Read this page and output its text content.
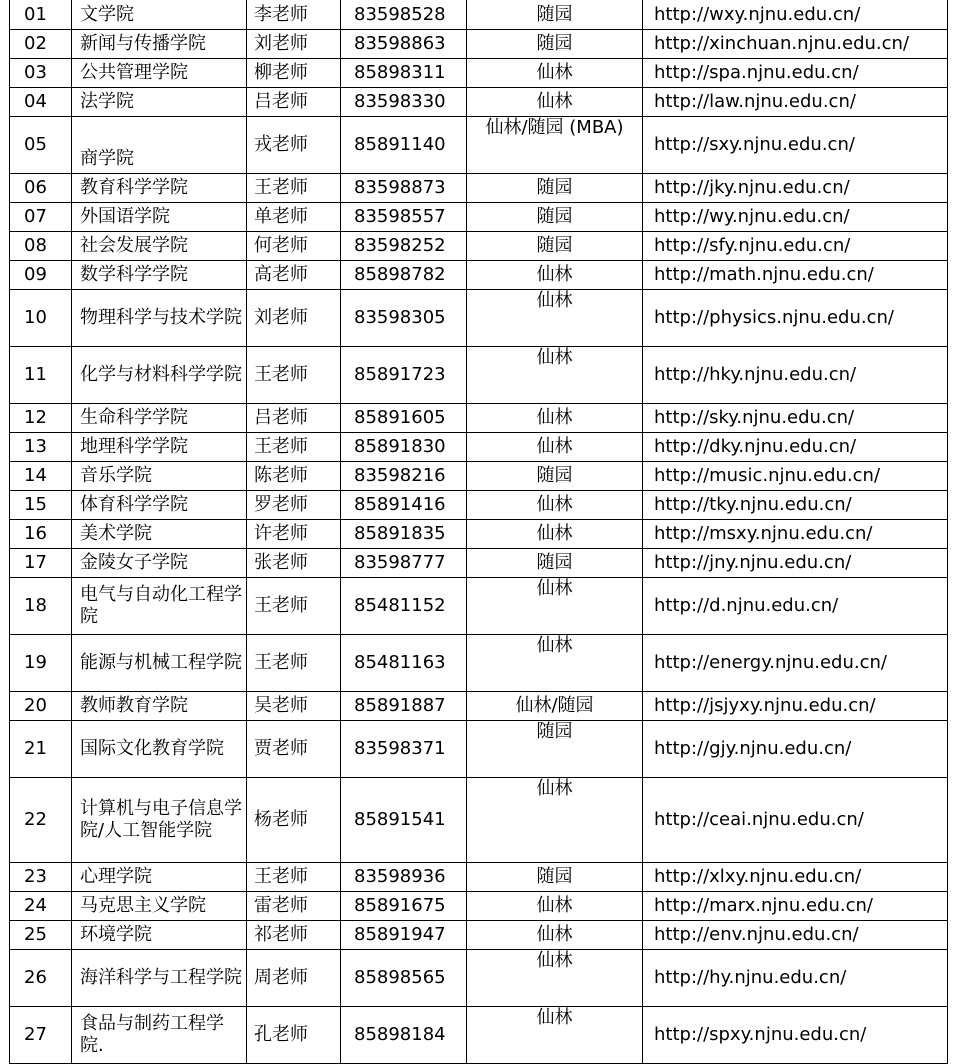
01	文学院	李老师	83598528	随园	http://wxy.njnu.edu.cn/
02	新闻与传播学院	刘老师	83598863	随园	http://xinchuan.njnu.edu.cn/
03	公共管理学院	柳老师	85898311	仙林	http://spa.njnu.edu.cn/
04	法学院	吕老师	83598330	仙林	http://law.njnu.edu.cn/
05	商学院	戎老师	85891140	仙林/随园 (MBA)	http://sxy.njnu.edu.cn/
06	教育科学学院	王老师	83598873	随园	http://jky.njnu.edu.cn/
07	外国语学院	单老师	83598557	随园	http://wy.njnu.edu.cn/
08	社会发展学院	何老师	83598252	随园	http://sfy.njnu.edu.cn/
09	数学科学学院	高老师	85898782	仙林	http://math.njnu.edu.cn/
10	物理科学与技术学院	刘老师	83598305	仙林	http://physics.njnu.edu.cn/
11	化学与材料科学学院	王老师	85891723	仙林	http://hky.njnu.edu.cn/
12	生命科学学院	吕老师	85891605	仙林	http://sky.njnu.edu.cn/
13	地理科学学院	王老师	85891830	仙林	http://dky.njnu.edu.cn/
14	音乐学院	陈老师	83598216	随园	http://music.njnu.edu.cn/
15	体育科学学院	罗老师	85891416	仙林	http://tky.njnu.edu.cn/
16	美术学院	许老师	85891835	仙林	http://msxy.njnu.edu.cn/
17	金陵女子学院	张老师	83598777	随园	http://jny.njnu.edu.cn/
18	电气与自动化工程学院	王老师	85481152	仙林	http://d.njnu.edu.cn/
19	能源与机械工程学院	王老师	85481163	仙林	http://energy.njnu.edu.cn/
20	教师教育学院	吴老师	85891887	仙林/随园	http://jsjyxy.njnu.edu.cn/
21	国际文化教育学院	贾老师	83598371	随园	http://gjy.njnu.edu.cn/
22	计算机与电子信息学院/人工智能学院	杨老师	85891541	仙林	http://ceai.njnu.edu.cn/
23	心理学院	王老师	83598936	随园	http://xlxy.njnu.edu.cn/
24	马克思主义学院	雷老师	85891675	仙林	http://marx.njnu.edu.cn/
25	环境学院	祁老师	85891947	仙林	http://env.njnu.edu.cn/
26	海洋科学与工程学院	周老师	85898565	仙林	http://hy.njnu.edu.cn/
27	食品与制药工程学院.	孔老师	85898184	仙林	http://spxy.njnu.edu.cn/
